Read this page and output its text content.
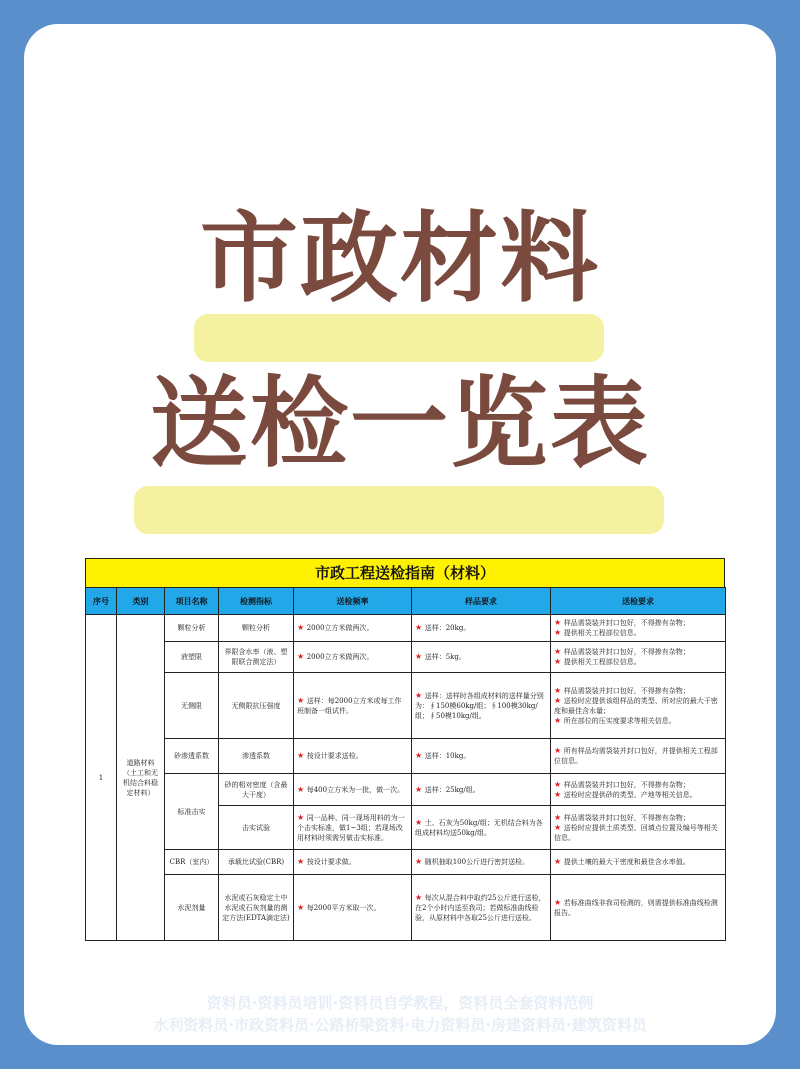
市政材料
送检一览表
市政工程送检指南（材料）
序号	类别	项目名称	检测指标	送检频率	样品要求	送检要求
1	道路材料（土工和无机结合料稳定材料）	颗粒分析	颗粒分析	★ 2000立方米做两次。	★ 送样：20kg。	★ 样品需袋装并封口包好，不得掺有杂物；
★ 提供相关工程部位信息。

		液塑限	界限含水率（液、塑限联合测定法）	★ 2000立方米做两次。	★ 送样：5kg。	★ 样品需袋装并封口包好，不得掺有杂物；
★ 提供相关工程部位信息。

		无侧限	无侧限抗压强度	★ 送样：每2000立方米或每工作班制备一组试件。	★ 送样：送样时各组成材料的送样量分别为：∮150模60kg/组；∮100模30kg/组；∮50模10kg/组。	★ 样品需袋装并封口包好，不得掺有杂物；
★ 送检时应提供该组样品的类型、所对应的最大干密度和最佳含水量；
★ 所在部位的压实度要求等相关信息。

		砂渗透系数	渗透系数	★ 按设计要求送检。	★ 送样：10kg。	★ 所有样品均需袋装并封口包好，并提供相关工程部位信息。

		标准击实	砂的相对密度（含最大干度）	★ 每400立方米为一批，做一次。	★ 送样：25kg/组。	★ 样品需袋装并封口包好，不得掺有杂物；
★ 送检时应提供砂的类型、产地等相关信息。

			击实试验	★ 同一品种、同一现场用料的为一个击实标准，做1~3组；若现场改用材料时须需另做击实标准。	★ 土、石灰为50kg/组；无机结合料为各组成材料均送50kg/组。	★ 样品需袋装并封口包好，不得掺有杂物；
★ 送检时应提供土质类型、回填点位置及编号等相关信息。

		CBR（室内）	承载比试验(CBR)	★ 按设计要求做。	★ 随机抽取100公斤进行密封送检。	★ 提供土壤的最大干密度和最佳含水率值。

		水泥剂量	水泥或石灰稳定土中水泥或石灰剂量的测定方法(EDTA滴定法)	★ 每2000平方米取一次。	★ 每次从混合料中取约25公斤进行送检，在2个小时内送至我司；若做标准曲线检验，从原材料中各取25公斤进行送检。	★ 若标准曲线非我司检测的，则需提供标准曲线检测报告。
资料员·资料员培训·资料员自学教程，资料员全套资料范例
水利资料员·市政资料员·公路桥梁资料·电力资料员·房建资料员·建筑资料员
